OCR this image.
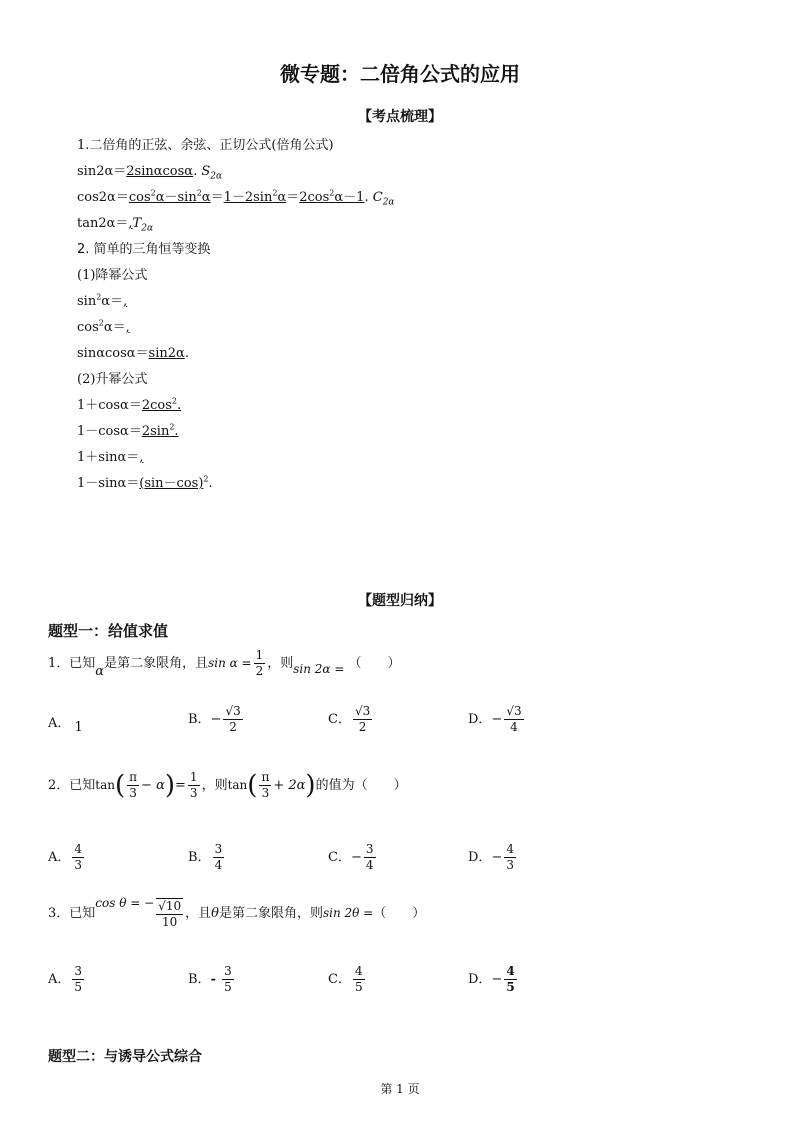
微专题：二倍角公式的应用
【考点梳理】
1.二倍角的正弦、余弦、正切公式(倍角公式)
sin2α＝2sinαcosα. $S_{2\alpha}$
$\cos 2\alpha=\cos^2\alpha-\sin^2\alpha=1-2\sin^2\alpha=2\cos^2\alpha-1$. $C_{2\alpha}$
$\tan 2\alpha=,T_{2\alpha}$
2. 简单的三角恒等变换
(1)降幂公式
$\sin^2\alpha=$,
$\cos^2\alpha=$,
sinαcosα＝sin2α.
(2)升幂公式
$1+\cos\alpha=2\cos^2$.
$1-\cos\alpha=2\sin^2$.
1＋sinα＝,
$1-\sin\alpha=(\sin-\cos)^2$.
【题型归纳】
题型一：给值求值
1．已知α是第二象限角，且$\sin \alpha = \frac{1}{2}$ ，则sin 2α = （　　）
A． 1
B．− $\frac{√3}{2}$	C． $\frac{√3}{2}$	D．− $\frac{√3}{4}$
2．已知$\tan( \frac{\pi}{3} - \alpha)= \frac{1}{3}$ ，则$\tan( \frac{\pi}{3} + 2\alpha)$的值为（　　）
A． $\frac{4}{3}$	B． $\frac{3}{4}$	C．− $\frac{3}{4}$	D．− $\frac{4}{3}$
3．已知cos θ = − $\frac{√10}{10}$ ，且θ是第二象限角，则sin 2θ =（　　）
A． $\frac{3}{5}$	B．- $\frac{3}{5}$	C． $\frac{4}{5}$	D．− $\frac{4}{5}$
题型二：与诱导公式综合
第 1 页
